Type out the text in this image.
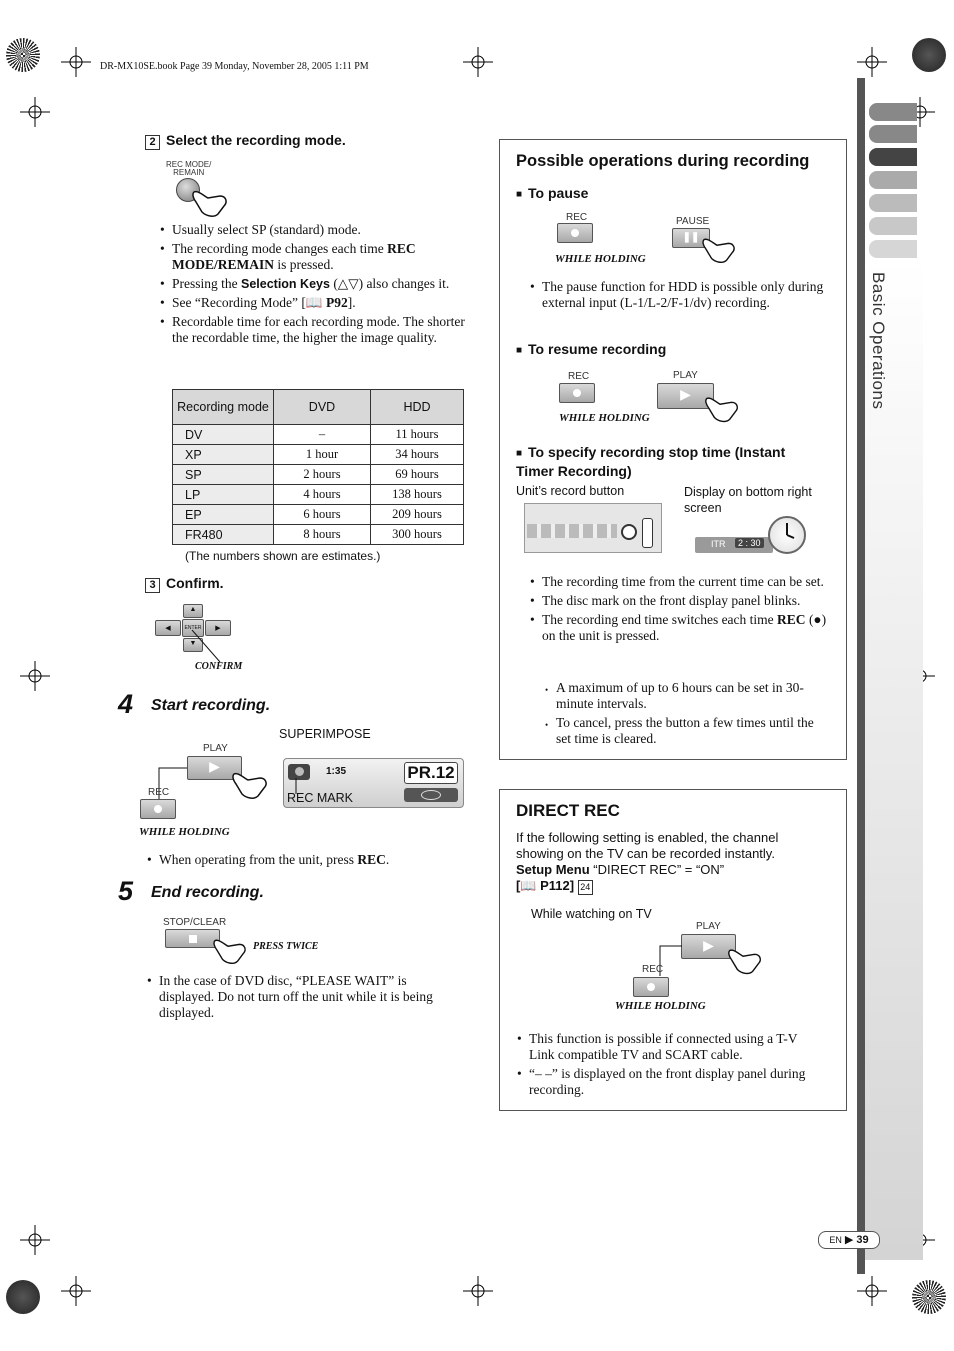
DR-MX10SE.book Page 39 Monday, November 28, 2005 1:11 PM
Basic Operations
EN ▶ 39
2 Select the recording mode.
REC MODE/
REMAIN
• Usually select SP (standard) mode.
• The recording mode changes each time REC MODE/REMAIN is pressed.
• Pressing the Selection Keys (△▽) also changes it.
• See “Recording Mode” [📖 P92].
• Recordable time for each recording mode. The shorter the recordable time, the higher the image quality.
Recording mode	DVD	HDD
DV	–	11 hours
XP	1 hour	34 hours
SP	2 hours	69 hours
LP	4 hours	138 hours
EP	6 hours	209 hours
FR480	8 hours	300 hours
(The numbers shown are estimates.)
3 Confirm.
▲
◀	ENTER	▶
▼
CONFIRM
4 Start recording.
SUPERIMPOSE
PLAY
▶
REC
WHILE HOLDING
1:35	PR.12
REC MARK
• When operating from the unit, press REC.
5 End recording.
STOP/CLEAR
PRESS TWICE
• In the case of DVD disc, “PLEASE WAIT” is displayed. Do not turn off the unit while it is being displayed.
Possible operations during recording
■ To pause
REC
WHILE HOLDING
PAUSE
❚❚
• The pause function for HDD is possible only during external input (L-1/L-2/F-1/dv) recording.
■ To resume recording
REC
WHILE HOLDING
PLAY
▶
■ To specify recording stop time (Instant Timer Recording)
Unit’s record button	Display on bottom right screen
ITR	2 : 30
• The recording time from the current time can be set.
• The disc mark on the front display panel blinks.
• The recording end time switches each time REC (●) on the unit is pressed.
• A maximum of up to 6 hours can be set in 30-minute intervals.
• To cancel, press the button a few times until the set time is cleared.
DIRECT REC
If the following setting is enabled, the channel showing on the TV can be recorded instantly.
Setup Menu “DIRECT REC” = “ON”
[📖 P112] 24
While watching on TV
PLAY
▶
REC
WHILE HOLDING
• This function is possible if connected using a T-V Link compatible TV and SCART cable.
• “– –” is displayed on the front display panel during recording.
